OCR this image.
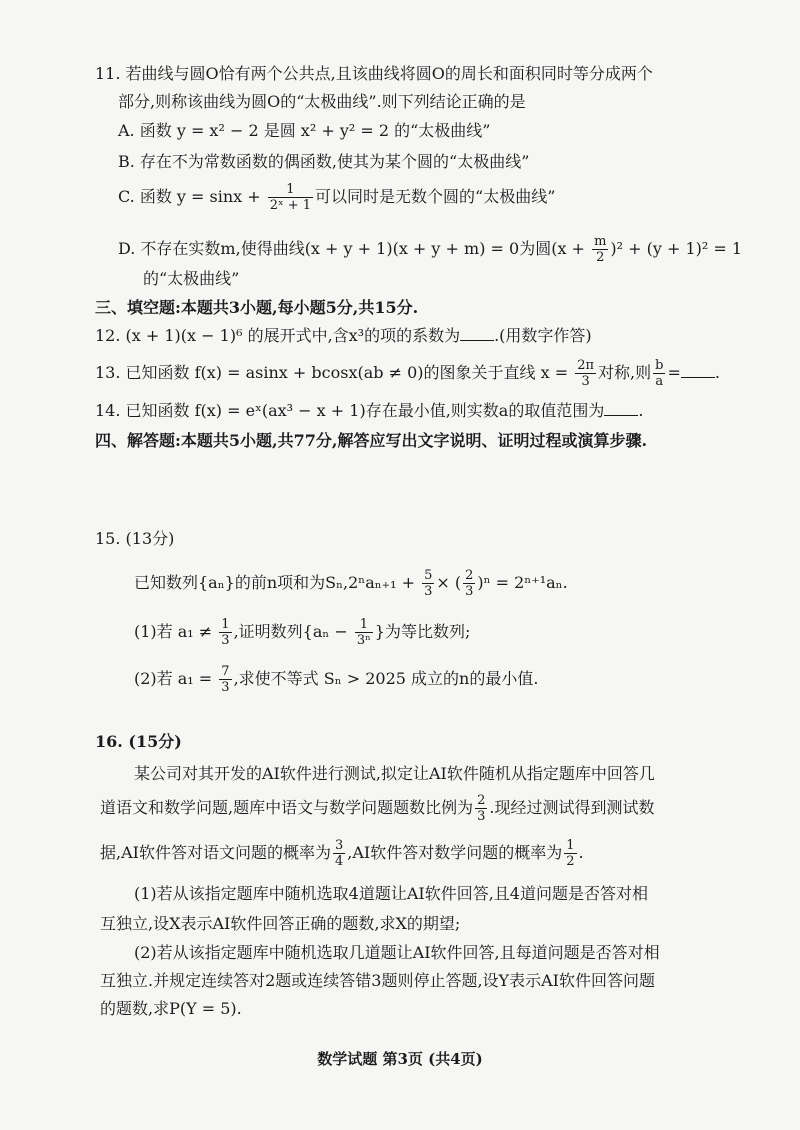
11. 若曲线与圆O恰有两个公共点,且该曲线将圆O的周长和面积同时等分成两个
部分,则称该曲线为圆O的“太极曲线”.则下列结论正确的是
A. 函数 y = x² − 2 是圆 x² + y² = 2 的“太极曲线”
B. 存在不为常数函数的偶函数,使其为某个圆的“太极曲线”
C. 函数 $y = \sin x + \frac{1}{\text{2ˣ + 1}}$ 可以同时是无数个圆的“太极曲线”
D. 不存在实数m,使得曲线(x + y + 1)(x + y + m) = 0为圆$(x + \frac{m}{2} )^2 + (y + 1)^2 = 1$
的“太极曲线”
三、填空题:本题共3小题,每小题5分,共15分.
12. (x + 1)(x − 1)⁶ 的展开式中,含x³的项的系数为 .(用数字作答)
13. 已知函数 f(x) = asinx + bcosx(ab ≠ 0)的图象关于直线 $x = \frac{2\pi}{3}$ 对称,则 $\frac{b}{a}$ = .
14. 已知函数 f(x) = eˣ(ax³ − x + 1)存在最小值,则实数a的取值范围为 .
四、解答题:本题共5小题,共77分,解答应写出文字说明、证明过程或演算步骤.
15. (13分)
已知数列{aₙ}的前n项和为$S_n,2^na_{n+1} + \frac{5}{3}$ × ( $\frac{2}{3} )^n = 2^{n+1}a_n$.
(1)若 $a_1 \ne \frac{1}{3}$ ,证明数列{$a_n - \frac{1}{\text{3ⁿ}}$ }为等比数列;
(2)若 $a_1 = \frac{7}{3}$ ,求使不等式 Sₙ > 2025 成立的n的最小值.
16. (15分)
某公司对其开发的AI软件进行测试,拟定让AI软件随机从指定题库中回答几
道语文和数学问题,题库中语文与数学问题题数比例为 $\frac{2}{3}$ .现经过测试得到测试数
据,AI软件答对语文问题的概率为 $\frac{3}{4} ,AI$软件答对数学问题的概率为 $\frac{1}{2}$ .
(1)若从该指定题库中随机选取4道题让AI软件回答,且4道问题是否答对相
互独立,设X表示AI软件回答正确的题数,求X的期望;
(2)若从该指定题库中随机选取几道题让AI软件回答,且每道问题是否答对相
互独立.并规定连续答对2题或连续答错3题则停止答题,设Y表示AI软件回答问题
的题数,求P(Y = 5).
数学试题 第3页 (共4页)
